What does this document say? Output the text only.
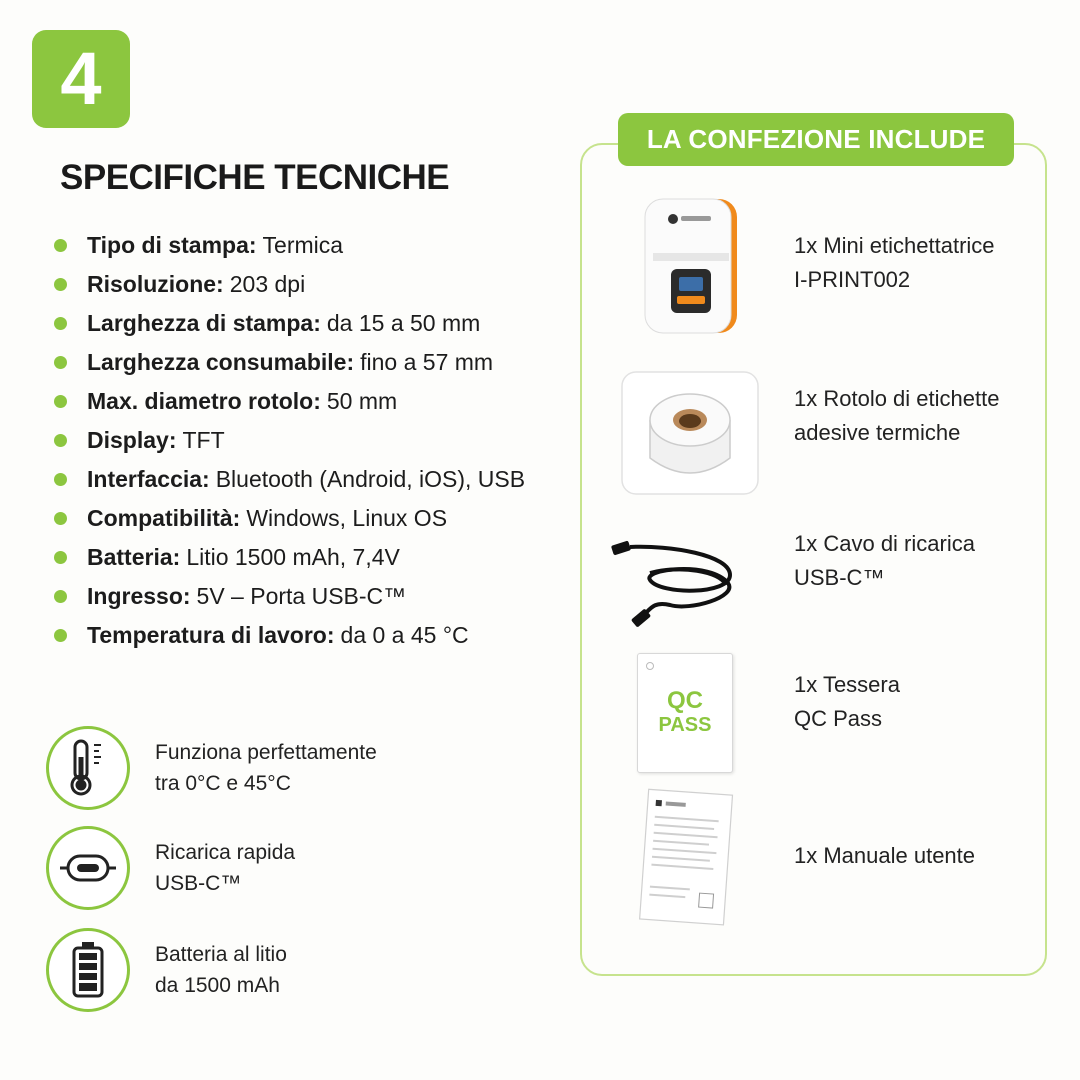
4
SPECIFICHE TECNICHE
Tipo di stampa: Termica
Risoluzione: 203 dpi
Larghezza di stampa: da 15 a 50 mm
Larghezza consumabile: fino a 57 mm
Max. diametro rotolo: 50 mm
Display: TFT
Interfaccia: Bluetooth (Android, iOS), USB
Compatibilità: Windows, Linux OS
Batteria: Litio 1500 mAh, 7,4V
Ingresso: 5V – Porta USB-C™
Temperatura di lavoro: da 0 a 45 °C
Funziona perfettamente
tra 0°C e 45°C
Ricarica rapida
USB-C™
Batteria al litio
da 1500 mAh
LA CONFEZIONE INCLUDE
1x Mini etichettatrice
I-PRINT002
1x Rotolo di etichette
adesive termiche
1x Cavo di ricarica
USB-C™
QC
PASS
1x Tessera
QC Pass
1x Manuale utente
